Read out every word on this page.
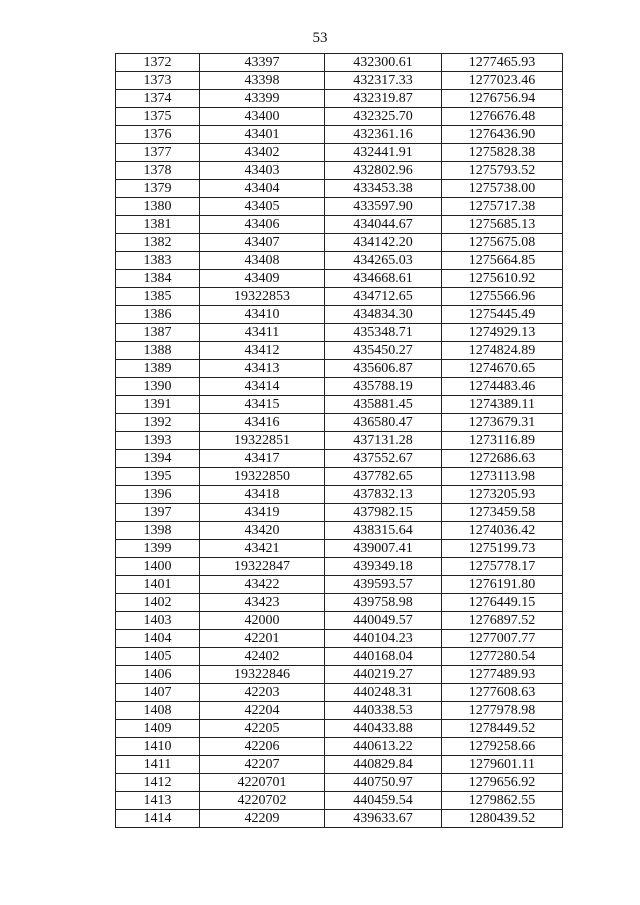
53
1372	43397	432300.61	1277465.93
1373	43398	432317.33	1277023.46
1374	43399	432319.87	1276756.94
1375	43400	432325.70	1276676.48
1376	43401	432361.16	1276436.90
1377	43402	432441.91	1275828.38
1378	43403	432802.96	1275793.52
1379	43404	433453.38	1275738.00
1380	43405	433597.90	1275717.38
1381	43406	434044.67	1275685.13
1382	43407	434142.20	1275675.08
1383	43408	434265.03	1275664.85
1384	43409	434668.61	1275610.92
1385	19322853	434712.65	1275566.96
1386	43410	434834.30	1275445.49
1387	43411	435348.71	1274929.13
1388	43412	435450.27	1274824.89
1389	43413	435606.87	1274670.65
1390	43414	435788.19	1274483.46
1391	43415	435881.45	1274389.11
1392	43416	436580.47	1273679.31
1393	19322851	437131.28	1273116.89
1394	43417	437552.67	1272686.63
1395	19322850	437782.65	1273113.98
1396	43418	437832.13	1273205.93
1397	43419	437982.15	1273459.58
1398	43420	438315.64	1274036.42
1399	43421	439007.41	1275199.73
1400	19322847	439349.18	1275778.17
1401	43422	439593.57	1276191.80
1402	43423	439758.98	1276449.15
1403	42000	440049.57	1276897.52
1404	42201	440104.23	1277007.77
1405	42402	440168.04	1277280.54
1406	19322846	440219.27	1277489.93
1407	42203	440248.31	1277608.63
1408	42204	440338.53	1277978.98
1409	42205	440433.88	1278449.52
1410	42206	440613.22	1279258.66
1411	42207	440829.84	1279601.11
1412	4220701	440750.97	1279656.92
1413	4220702	440459.54	1279862.55
1414	42209	439633.67	1280439.52
